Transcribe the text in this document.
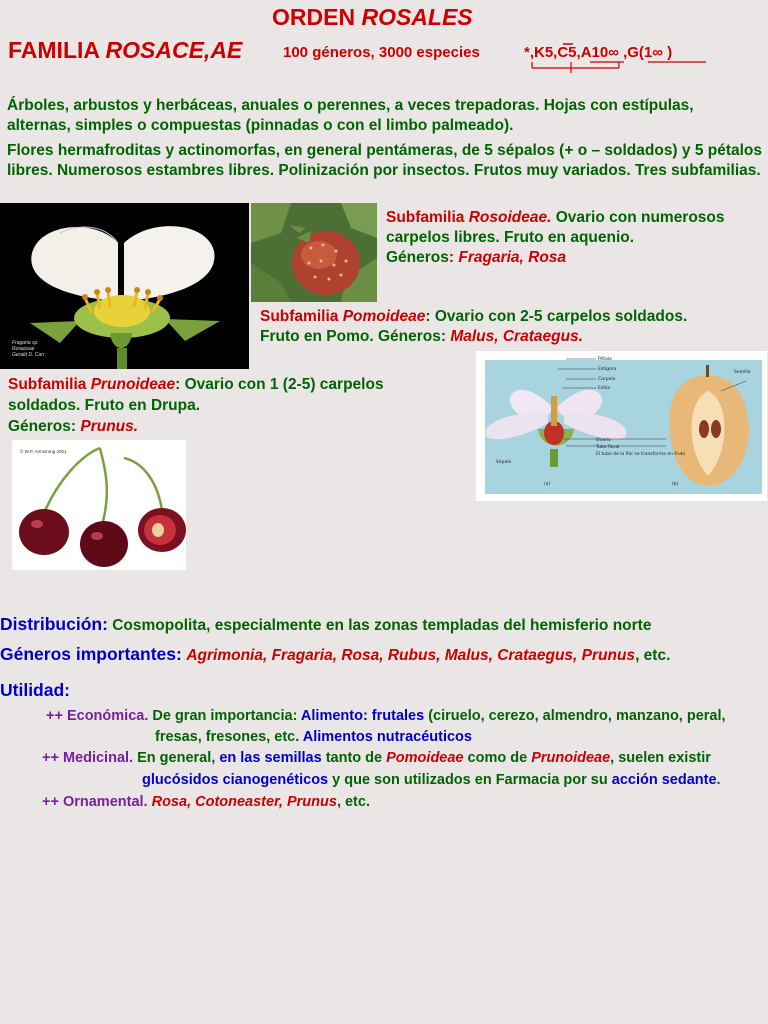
ORDEN ROSALES
FAMILIA ROSACE,AE	100 géneros, 3000 especies	*,K5,C5,A10∞ ,G(1∞ )
Árboles, arbustos y herbáceas, anuales o perennes, a veces trepadoras. Hojas con estípulas, alternas, simples o compuestas (pinnadas o con el limbo palmeado).
Flores hermafroditas y actinomorfas, en general pentámeras, de 5 sépalos (+ o – soldados) y 5 pétalos libres. Numerosos estambres libres. Polinización por insectos. Frutos muy variados. Tres subfamilias.
Fragaria sp.
Rosaceae
Gerald D. Carr
Subfamilia Rosoideae. Ovario con numerosos carpelos libres. Fruto en aquenio.
Géneros: Fragaria, Rosa
Subfamilia Pomoideae: Ovario con 2-5 carpelos soldados.
Fruto en Pomo. Géneros: Malus, Crataegus.
Subfamilia Prunoideae: Ovario con 1 (2-5) carpelos soldados. Fruto en Drupa.
Géneros: Prunus.
© W.P. Armstrong 2001
Pétalo
Estigma
Carpelo
Estilo
Ovario
Tubo floral
El tubo de la flor se transforma en fruto
Sépalo
Semilla
(a)	(b)
Distribución: Cosmopolita, especialmente en las zonas templadas del hemisferio norte
Géneros importantes: Agrimonia, Fragaria, Rosa, Rubus, Malus, Crataegus, Prunus, etc.
Utilidad:
++ Económica. De gran importancia: Alimento: frutales (ciruelo, cerezo, almendro, manzano, peral,
fresas, fresones, etc. Alimentos nutracéuticos
++ Medicinal. En general, en las semillas tanto de Pomoideae como de Prunoideae, suelen existir
glucósidos cianogenéticos y que son utilizados en Farmacia por su acción sedante.
++ Ornamental. Rosa, Cotoneaster, Prunus, etc.
